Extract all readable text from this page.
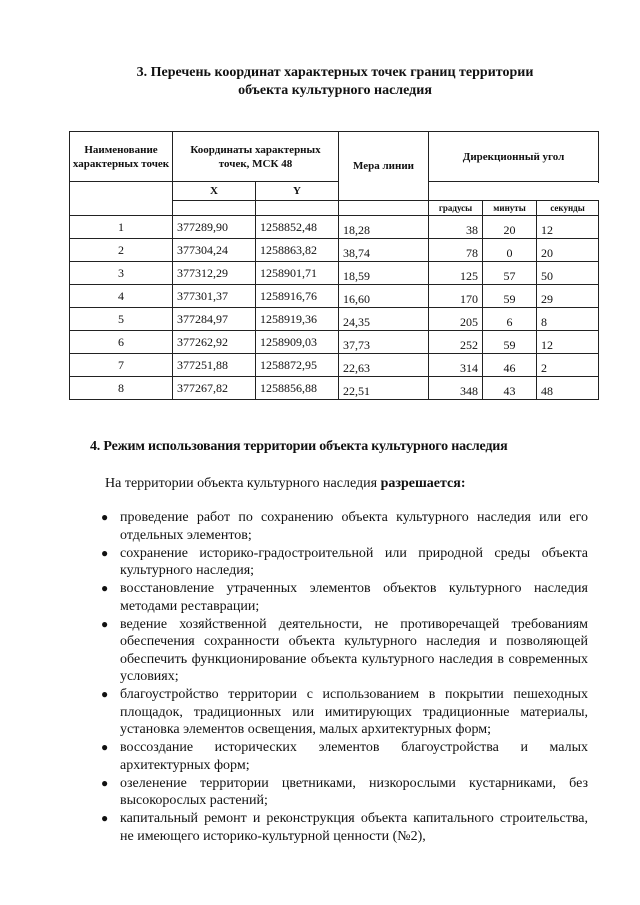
3. Перечень координат характерных точек границ территории
объекта культурного наследия
Наименование характерных точек	Координаты характерных точек, МСК 48		Мера линии	Дирекционный угол		

	X	Y				
				градусы	минуты	секунды
1	377289,90	1258852,48	18,28	38	20	12
2	377304,24	1258863,82	38,74	78	0	20
3	377312,29	1258901,71	18,59	125	57	50
4	377301,37	1258916,76	16,60	170	59	29
5	377284,97	1258919,36	24,35	205	6	8
6	377262,92	1258909,03	37,73	252	59	12
7	377251,88	1258872,95	22,63	314	46	2
8	377267,82	1258856,88	22,51	348	43	48
4. Режим использования территории объекта культурного наследия
На территории объекта культурного наследия разрешается:
● проведение работ по сохранению объекта культурного наследия или его отдельных элементов;
● сохранение историко-градостроительной или природной среды объекта культурного наследия;
● восстановление утраченных элементов объектов культурного наследия методами реставрации;
● ведение хозяйственной деятельности, не противоречащей требованиям обеспечения сохранности объекта культурного наследия и позволяющей обеспечить функционирование объекта культурного наследия в современных условиях;
● благоустройство территории с использованием в покрытии пешеходных площадок, традиционных или имитирующих традиционные материалы, установка элементов освещения, малых архитектурных форм;
● воссоздание исторических элементов благоустройства и малых архитектурных форм;
● озеленение территории цветниками, низкорослыми кустарниками, без высокорослых растений;
● капитальный ремонт и реконструкция объекта капитального строительства, не имеющего историко-культурной ценности (№2),
